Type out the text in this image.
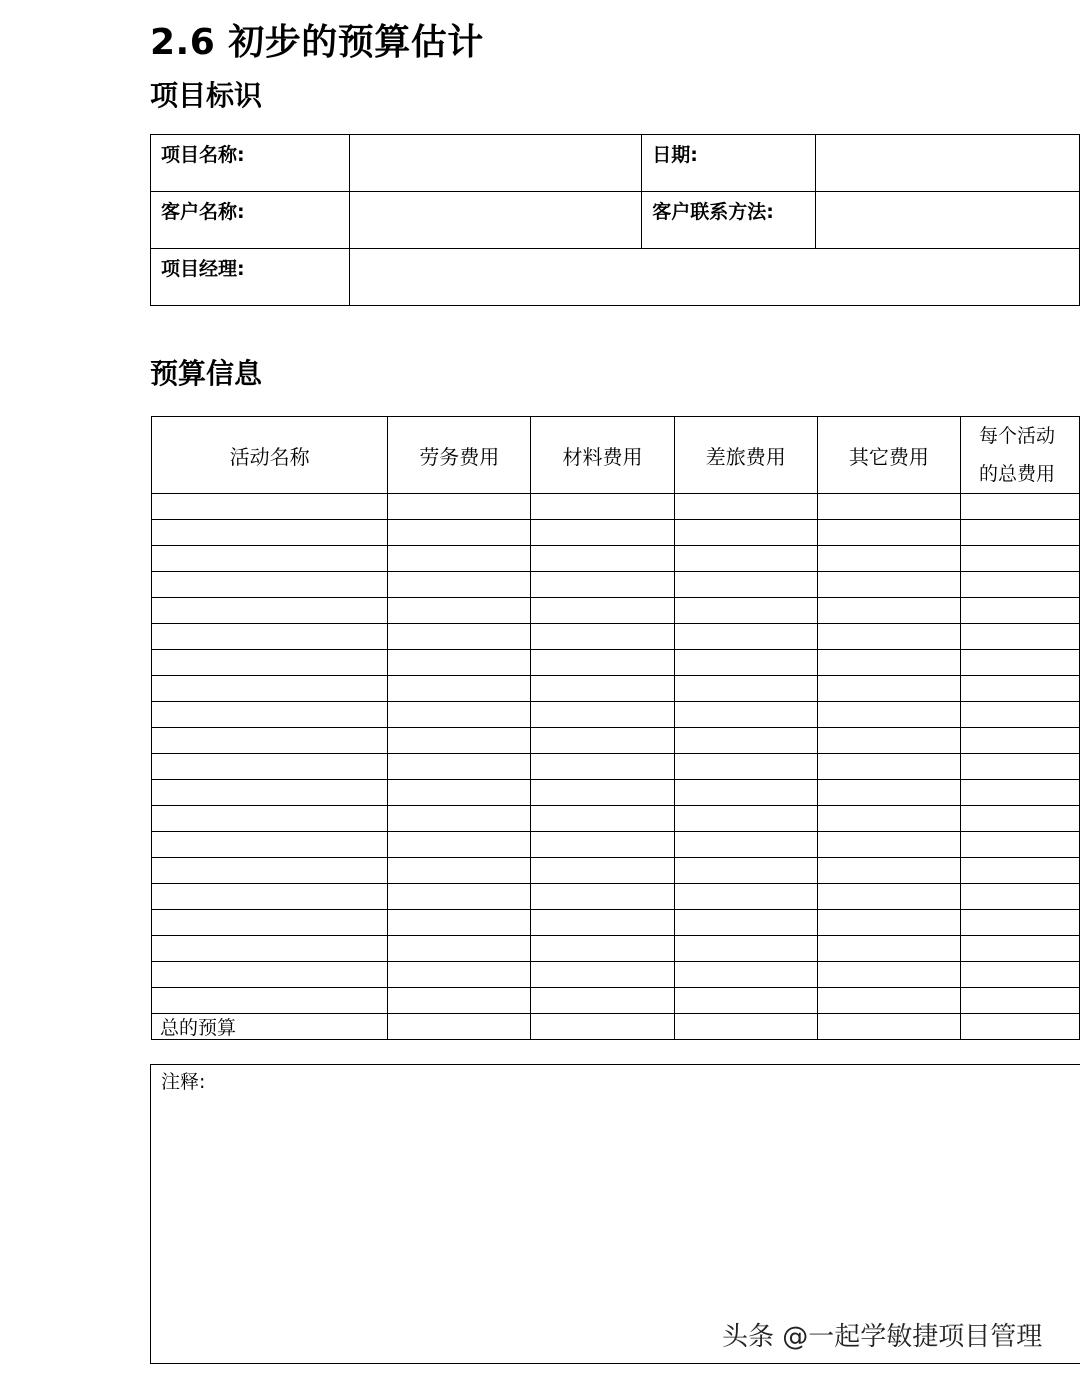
2.6 初步的预算估计
项目标识
项目名称:		日期:	
客户名称:		客户联系方法:	
项目经理:			
预算信息
活动名称	劳务费用	材料费用	差旅费用	其它费用	每个活动
的总费用

总的预算					
注释:
头条 @一起学敏捷项目管理
